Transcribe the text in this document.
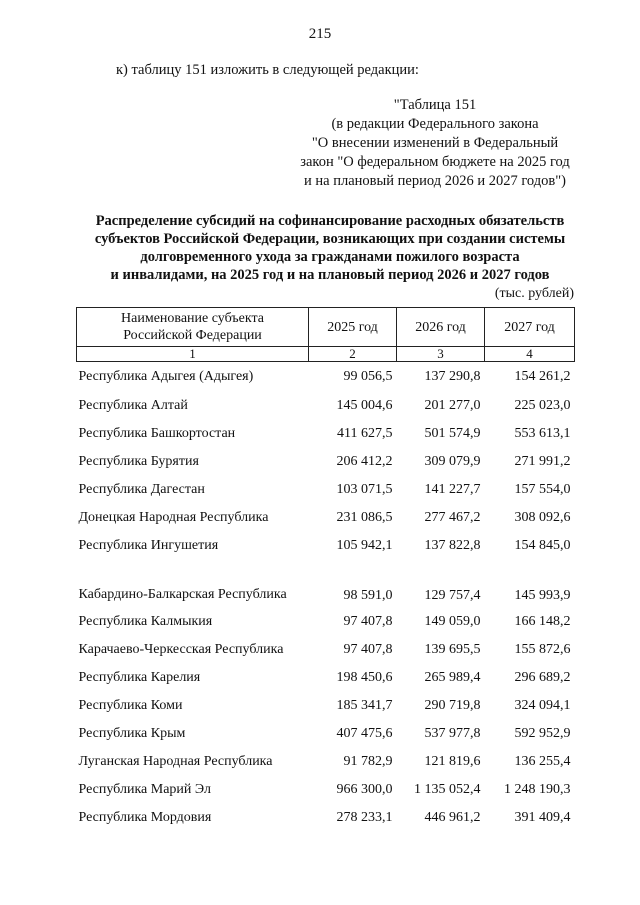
215
к) таблицу 151 изложить в следующей редакции:
"Таблица 151
(в редакции Федерального закона
"О внесении изменений в Федеральный
закон "О федеральном бюджете на 2025 год
и на плановый период 2026 и 2027 годов")
Распределение субсидий на софинансирование расходных обязательств
субъектов Российской Федерации, возникающих при создании системы
долговременного ухода за гражданами пожилого возраста
и инвалидами, на 2025 год и на плановый период 2026 и 2027 годов
(тыс. рублей)
Наименование субъекта
Российской Федерации	2025 год	2026 год	2027 год
1	2	3	4
Республика Адыгея (Адыгея)	99 056,5	137 290,8	154 261,2
Республика Алтай	145 004,6	201 277,0	225 023,0
Республика Башкортостан	411 627,5	501 574,9	553 613,1
Республика Бурятия	206 412,2	309 079,9	271 991,2
Республика Дагестан	103 071,5	141 227,7	157 554,0
Донецкая Народная Республика	231 086,5	277 467,2	308 092,6
Республика Ингушетия	105 942,1	137 822,8	154 845,0
Кабардино-Балкарская Республика	98 591,0	129 757,4	145 993,9
Республика Калмыкия	97 407,8	149 059,0	166 148,2
Карачаево-Черкесская Республика	97 407,8	139 695,5	155 872,6
Республика Карелия	198 450,6	265 989,4	296 689,2
Республика Коми	185 341,7	290 719,8	324 094,1
Республика Крым	407 475,6	537 977,8	592 952,9
Луганская Народная Республика	91 782,9	121 819,6	136 255,4
Республика Марий Эл	966 300,0	1 135 052,4	1 248 190,3
Республика Мордовия	278 233,1	446 961,2	391 409,4
